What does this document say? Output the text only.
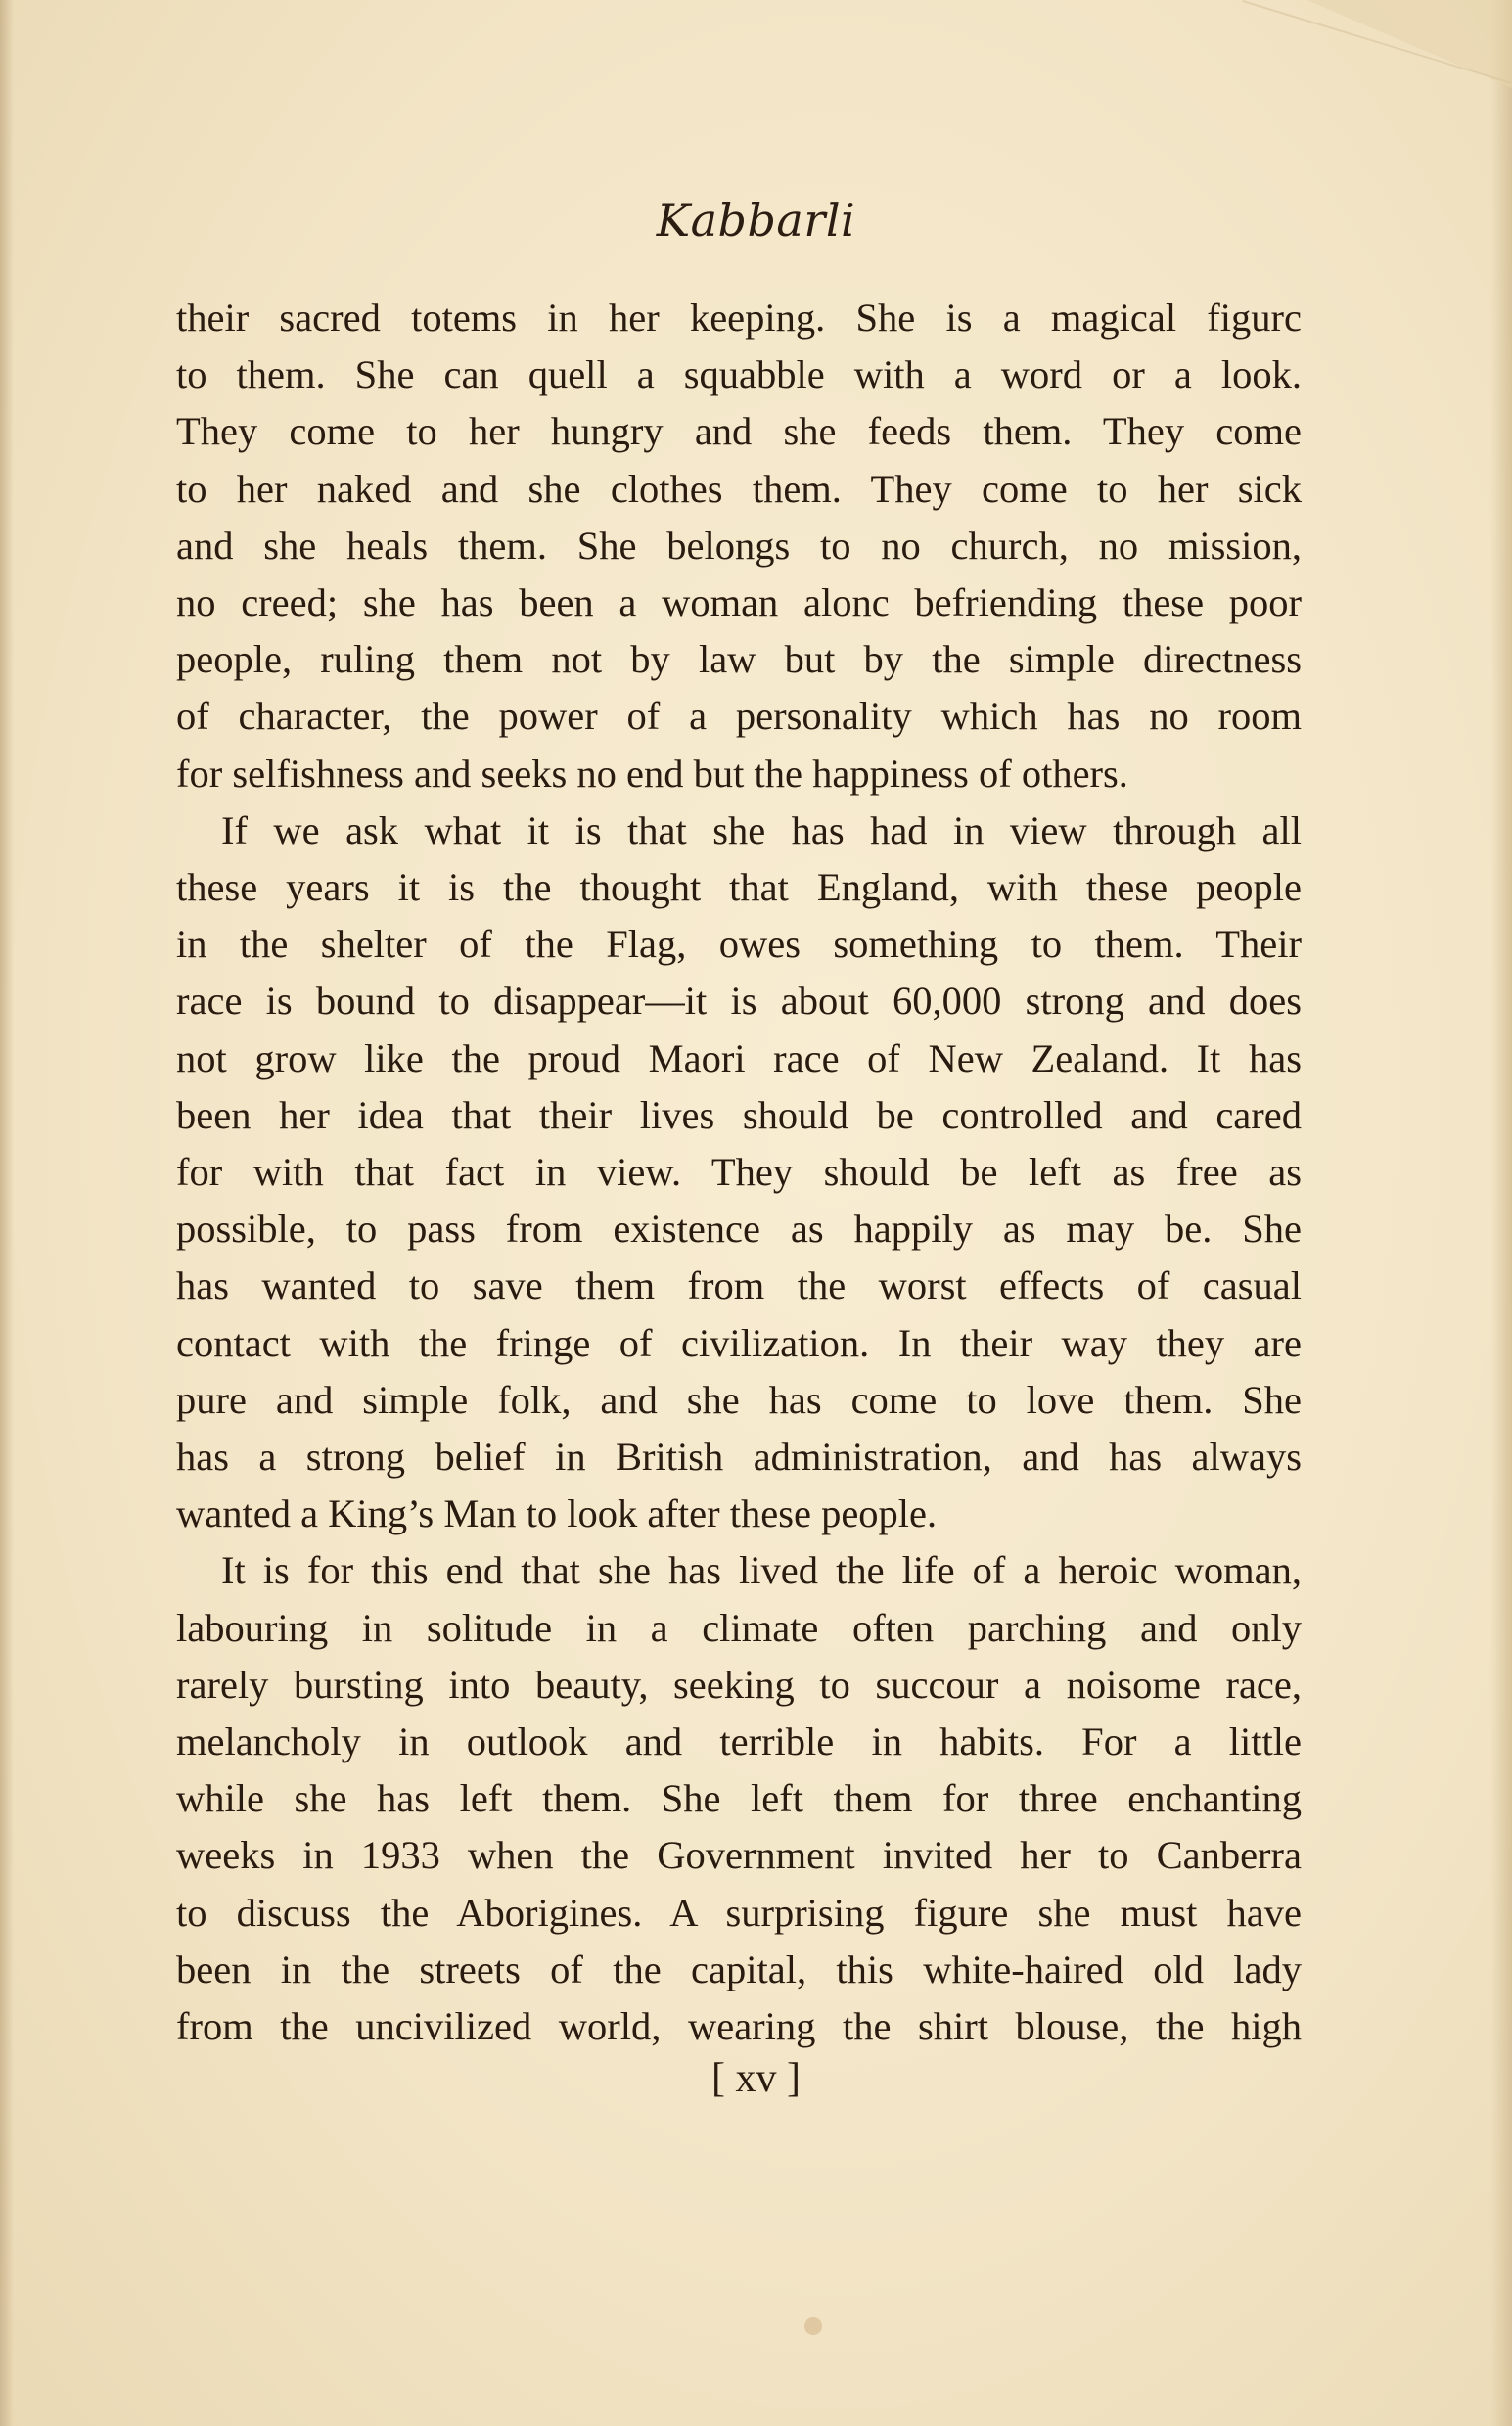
Kabbarli

their sacred totems in her keeping. She is a magical figurc
to them. She can quell a squabble with a word or a look.
They come to her hungry and she feeds them. They come
to her naked and she clothes them. They come to her sick
and she heals them. She belongs to no church, no mission,
no creed; she has been a woman alonc befriending these poor
people, ruling them not by law but by the simple directness
of character, the power of a personality which has no room
for selfishness and seeks no end but the happiness of others.

If we ask what it is that she has had in view through all
these years it is the thought that England, with these people
in the shelter of the Flag, owes something to them. Their
race is bound to disappear—it is about 60,000 strong and does
not grow like the proud Maori race of New Zealand. It has
been her idea that their lives should be controlled and cared
for with that fact in view. They should be left as free as
possible, to pass from existence as happily as may be. She
has wanted to save them from the worst effects of casual
contact with the fringe of civilization. In their way they are
pure and simple folk, and she has come to love them. She
has a strong belief in British administration, and has always
wanted a King’s Man to look after these people.

It is for this end that she has lived the life of a heroic woman,
labouring in solitude in a climate often parching and only
rarely bursting into beauty, seeking to succour a noisome race,
melancholy in outlook and terrible in habits. For a little
while she has left them. She left them for three enchanting
weeks in 1933 when the Government invited her to Canberra
to discuss the Aborigines. A surprising figure she must have
been in the streets of the capital, this white-haired old lady
from the uncivilized world, wearing the shirt blouse, the high

[ xv ]
